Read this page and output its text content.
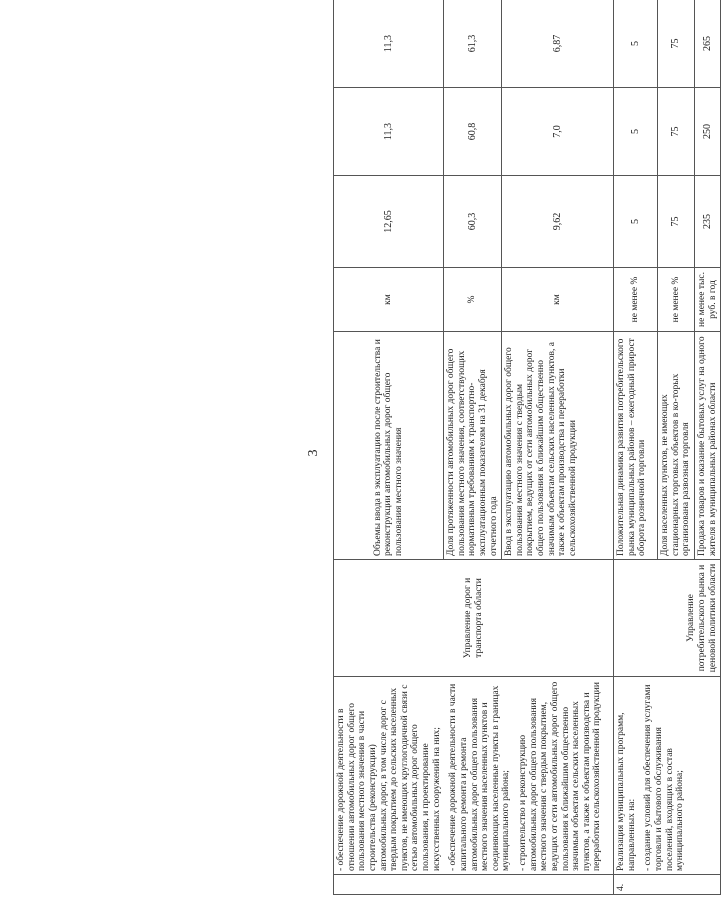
3

	- обеспечение дорожной деятельности в отношении автомобильных дорог общего пользования местного значения в части строительства (реконструкции) автомобильных дорог, в том числе дорог с твердым покрытием до сельских населенных пунктов, не имеющих круглогодичной связи с сетью автомобильных дорог общего пользования, и проектирование искусственных сооружений на них; - обеспечение дорожной деятельности в части капитального ремонта и ремонта автомобильных дорог общего пользования местного значения населенных пунктов и соединяющих населенные пункты в границах муниципального района; - строительство и реконструкцию автомобильных дорог общего пользования местного значения с твердым покрытием, ведущих от сети автомобильных дорог общего пользования к ближайшим общественно значимым объектам сельских населенных пунктов, а также к объектам производства и переработки сельскохозяйственной продукции	Управление дорог и транспорта области	Объемы ввода в эксплуатацию после строительства и реконструкции автомобильных дорог общего пользования местного значения	км	12,65	11,3	11,3
			Доля протяженности автомобильных дорог общего пользования местного значения, соответствующих нормативным требованиям к транспортно-эксплуатационным показателям на 31 декабря отчетного года	%	60,3	60,8	61,3
			Ввод в эксплуатацию автомобильных дорог общего пользования местного значения с твердым покрытием, ведущих от сети автомобильных дорог общего пользования к ближайшим общественно значимым объектам сельских населенных пунктов, а также к объектам производства и переработки сельскохозяйственной продукции	км	9,62	7,0	6,87
4.	Реализация муниципальных программ, направленных на: - создание условий для обеспечения услугами торговли и бытового обслуживания поселений, входящих в состав муниципального района;	Управление потребительского рынка и ценовой политики области	Положительная динамика развития потребительского рынка муниципальных районов – ежегодный прирост оборота розничной торговли	не менее %	5	5	5
			Доля населенных пунктов, не имеющих стационарных торговых объектов в ко-торых организована развозная торговля	не менее %	75	75	75
			Продажа товаров и оказание бытовых услуг на одного жителя в муниципальных районах области	не менее тыс. руб. в год	235	250	265
